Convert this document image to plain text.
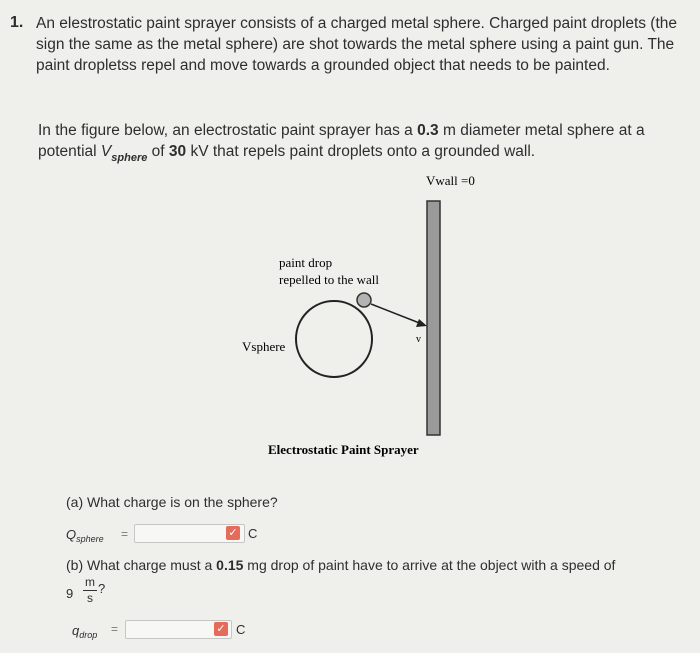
1. An elestrostatic paint sprayer consists of a charged metal sphere. Charged paint droplets (the sign the same as the metal sphere) are shot towards the metal sphere using a paint gun. The paint dropletss repel and move towards a grounded object that needs to be painted.
In the figure below, an electrostatic paint sprayer has a 0.3 m diameter metal sphere at a potential $V_{sphere}$ of 30 kV that repels paint droplets onto a grounded wall.
Vwall =0
paint drop
repelled to the wall
v
Vsphere
Electrostatic Paint Sprayer
(a) What charge is on the sphere?
$Q_{sphere}$ =	✓ C
(b) What charge must a 0.15 mg drop of paint have to arrive at the object with a speed of
9
m
s
?
$q_{drop}$ =	✓ C
